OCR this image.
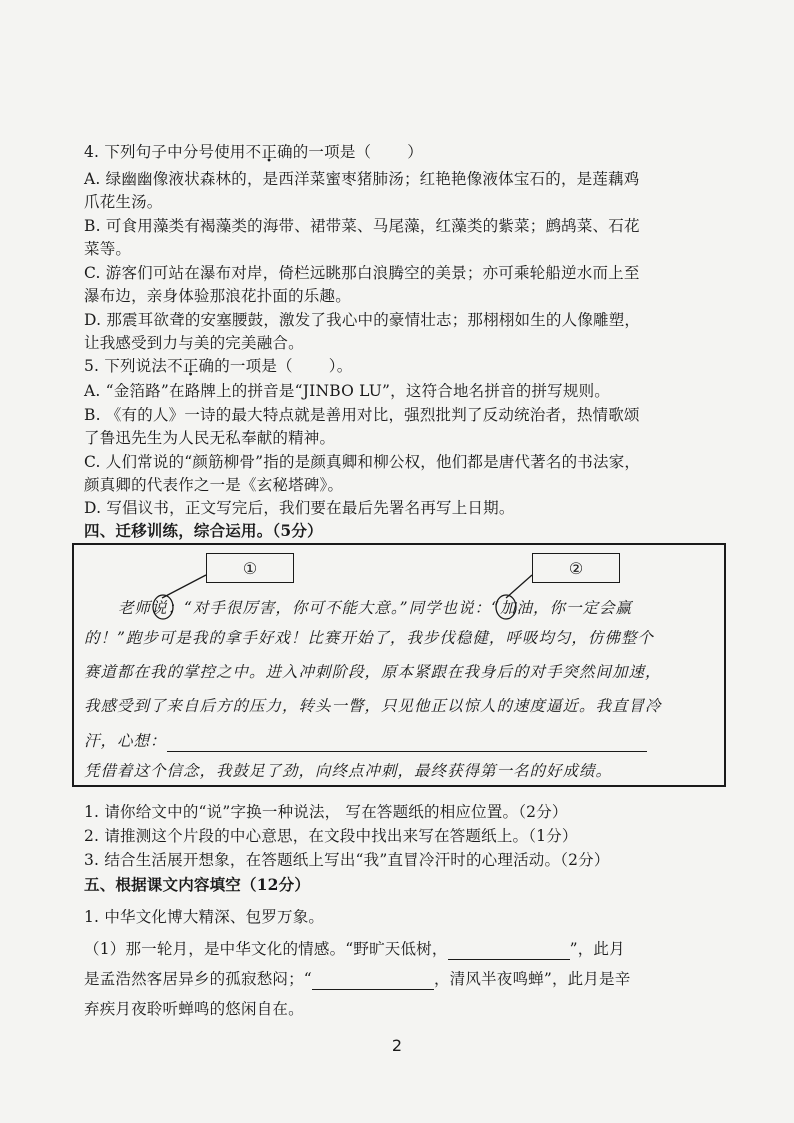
4. 下列句子中分号使用不正确的一项是（ ）
A. 绿幽幽像液状森林的，是西洋菜蜜枣猪肺汤；红艳艳像液体宝石的，是莲藕鸡
爪花生汤。
B. 可食用藻类有褐藻类的海带、裙带菜、马尾藻，红藻类的紫菜；鹧鸪菜、石花
菜等。
C. 游客们可站在瀑布对岸，倚栏远眺那白浪腾空的美景；亦可乘轮船逆水而上至
瀑布边，亲身体验那浪花扑面的乐趣。
D. 那震耳欲聋的安塞腰鼓，激发了我心中的豪情壮志；那栩栩如生的人像雕塑，
让我感受到力与美的完美融合。
5. 下列说法不正确的一项是（ ）。
A. “金箔路”在路牌上的拼音是“JINBO LU”，这符合地名拼音的拼写规则。
B. 《有的人》一诗的最大特点就是善用对比，强烈批判了反动统治者，热情歌颂
了鲁迅先生为人民无私奉献的精神。
C. 人们常说的“颜筋柳骨”指的是颜真卿和柳公权，他们都是唐代著名的书法家，
颜真卿的代表作之一是《玄秘塔碑》。
D. 写倡议书，正文写完后，我们要在最后先署名再写上日期。
四、迁移训练，综合运用。（5分）
①	②
老师说：“对手很厉害，你可不能大意。”同学也说：“加油，你一定会赢
的！”跑步可是我的拿手好戏！比赛开始了，我步伐稳健，呼吸均匀，仿佛整个
赛道都在我的掌控之中。进入冲刺阶段，原本紧跟在我身后的对手突然间加速，
我感受到了来自后方的压力，转头一瞥，只见他正以惊人的速度逼近。我直冒冷
汗，心想：
凭借着这个信念，我鼓足了劲，向终点冲刺，最终获得第一名的好成绩。
1. 请你给文中的“说”字换一种说法， 写在答题纸的相应位置。（2分）
2. 请推测这个片段的中心意思，在文段中找出来写在答题纸上。（1分）
3. 结合生活展开想象，在答题纸上写出“我”直冒冷汗时的心理活动。（2分）
五、根据课文内容填空（12分）
1. 中华文化博大精深、包罗万象。
（1）那一轮月，是中华文化的情感。“野旷天低树，	”，此月
是孟浩然客居异乡的孤寂愁闷；“	，清风半夜鸣蝉”，此月是辛
弃疾月夜聆听蝉鸣的悠闲自在。
2
